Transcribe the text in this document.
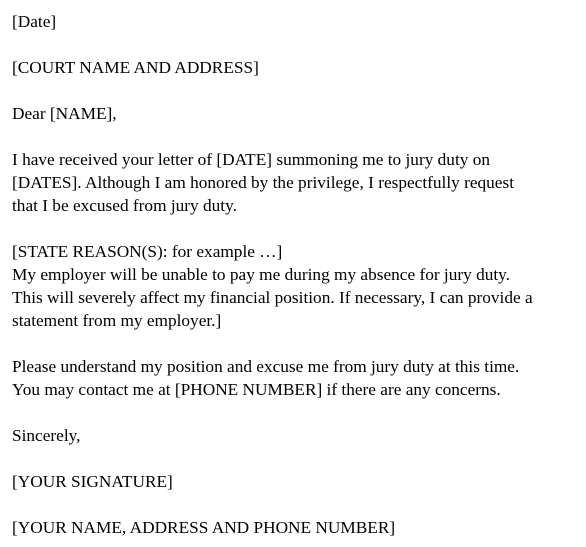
[Date]

[COURT NAME AND ADDRESS]

Dear [NAME],

I have received your letter of [DATE] summoning me to jury duty on
[DATES]. Although I am honored by the privilege, I respectfully request
that I be excused from jury duty.

[STATE REASON(S): for example …]
My employer will be unable to pay me during my absence for jury duty.
This will severely affect my financial position. If necessary, I can provide a
statement from my employer.]

Please understand my position and excuse me from jury duty at this time.
You may contact me at [PHONE NUMBER] if there are any concerns.

Sincerely,

[YOUR SIGNATURE]

[YOUR NAME, ADDRESS AND PHONE NUMBER]
